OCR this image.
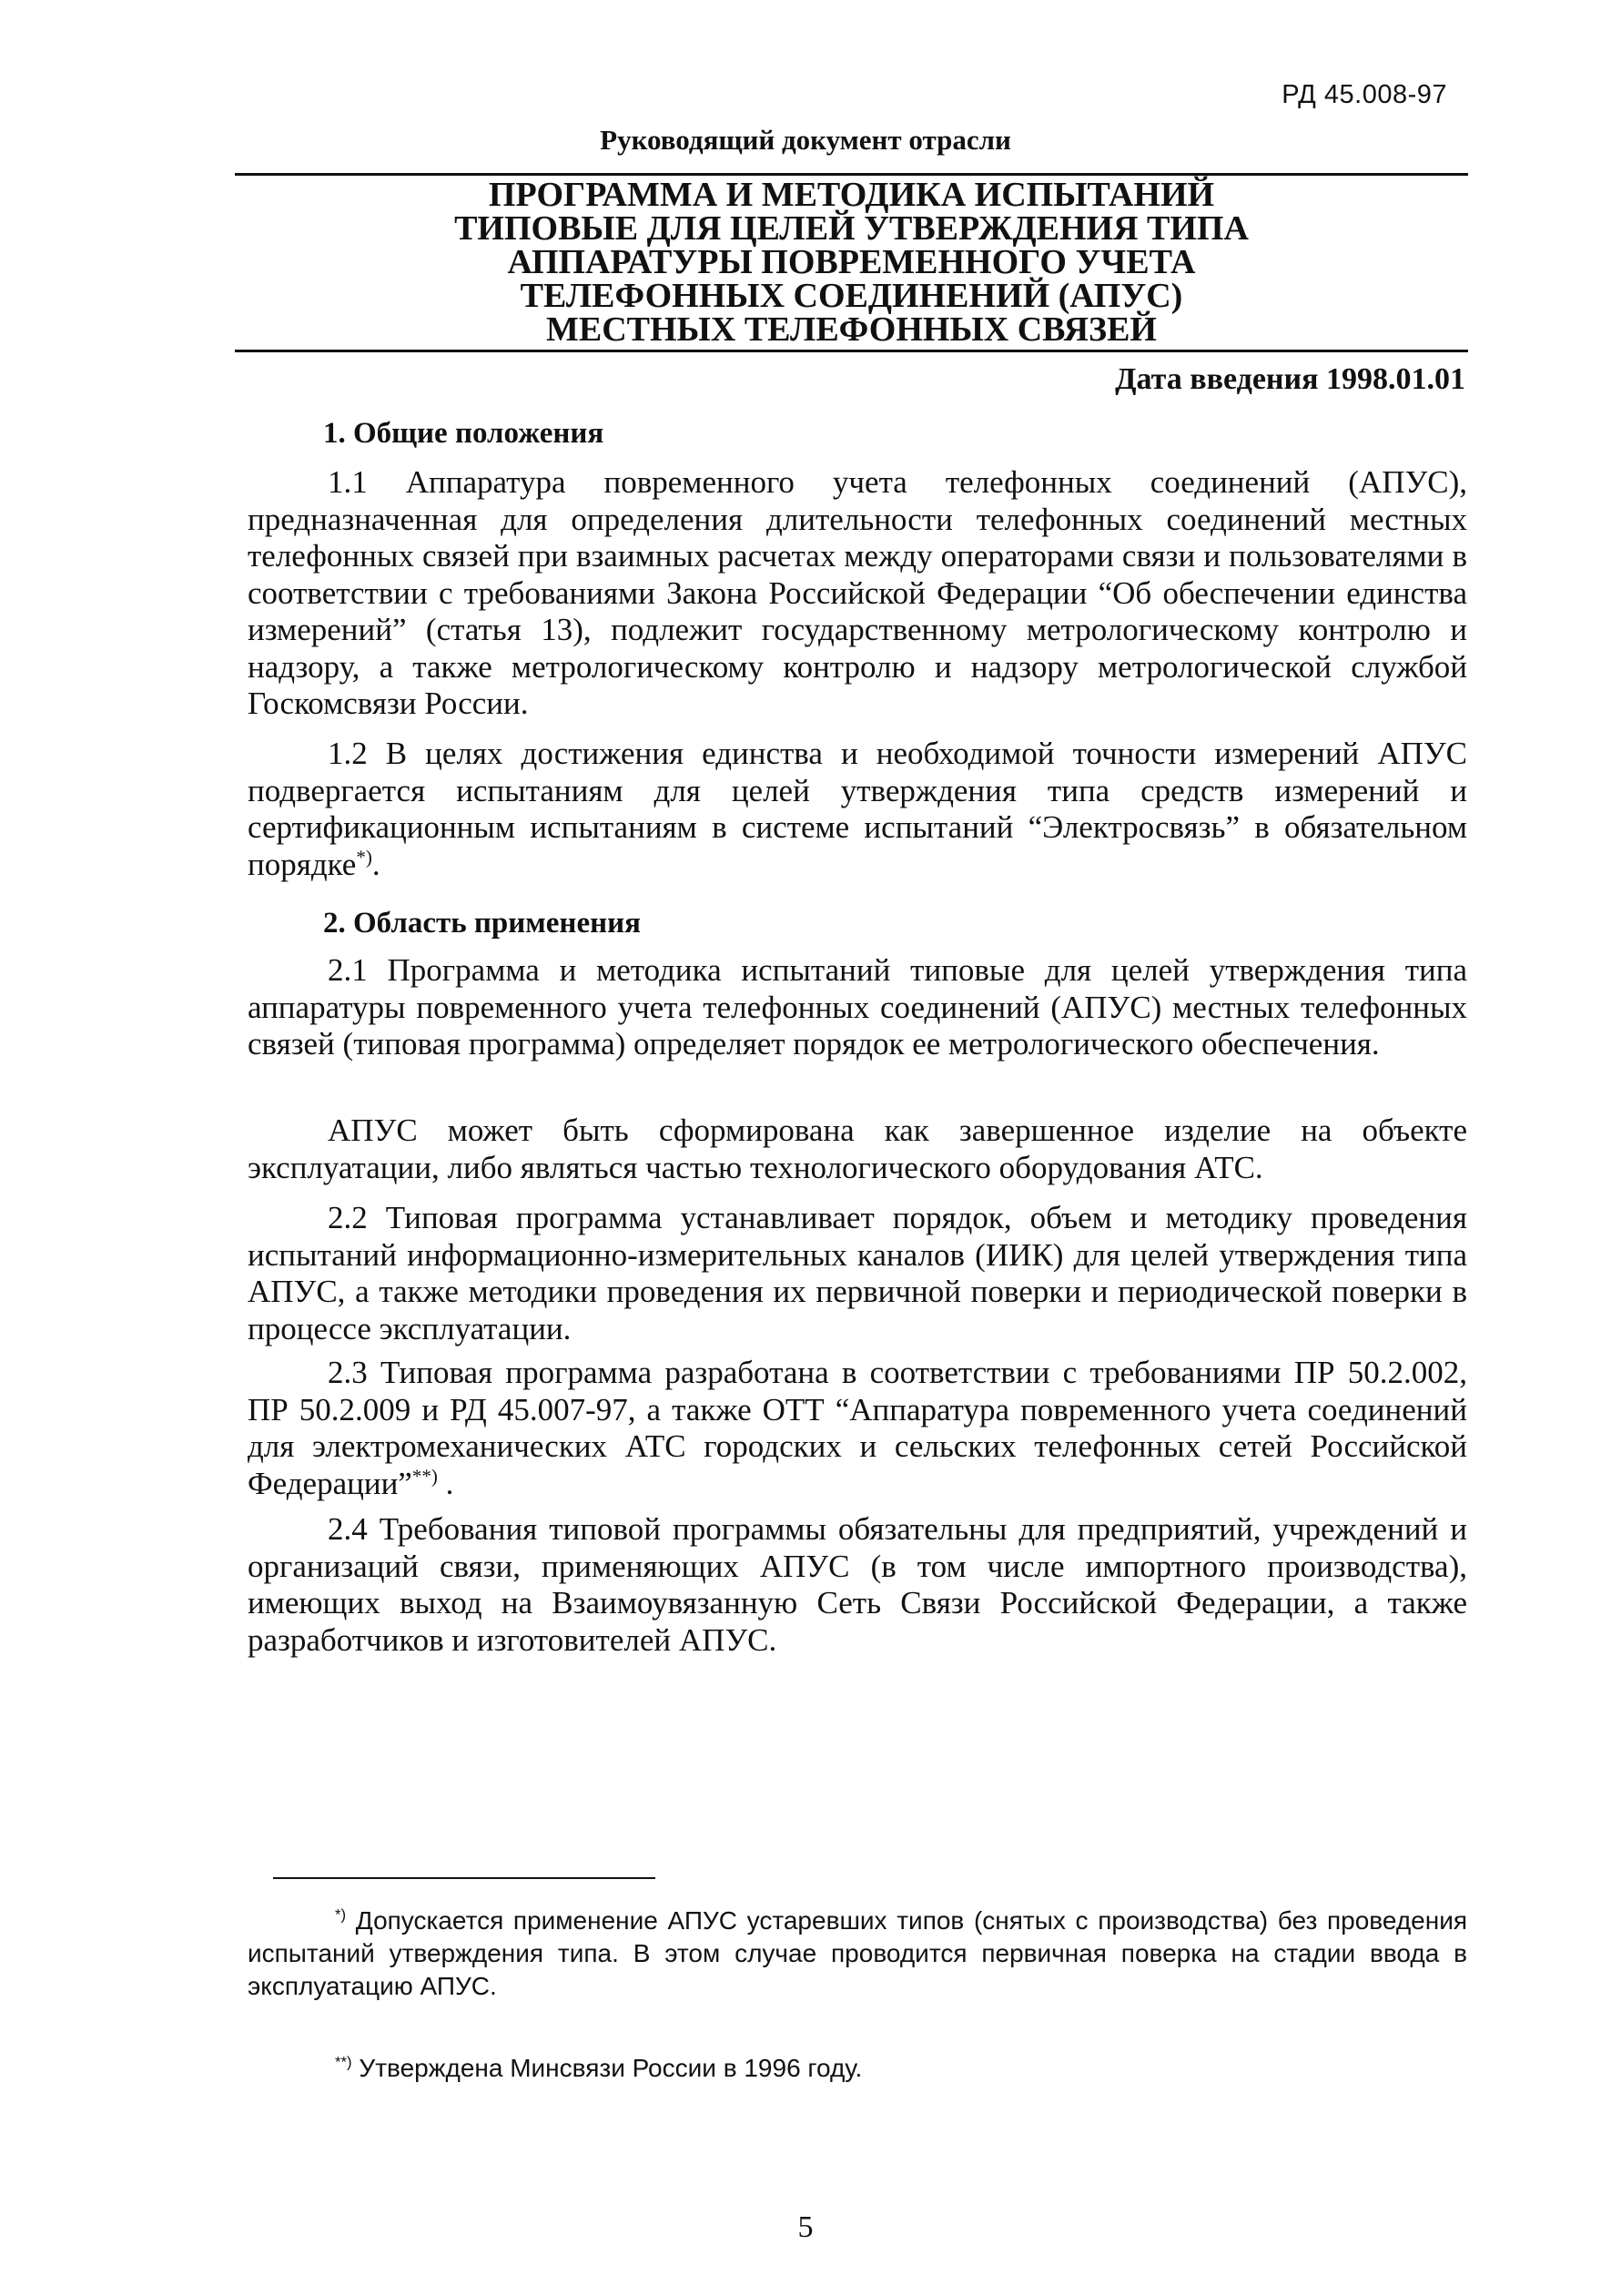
РД 45.008-97
Руководящий документ отрасли
ПРОГРАММА И МЕТОДИКА ИСПЫТАНИЙ
ТИПОВЫЕ ДЛЯ ЦЕЛЕЙ УТВЕРЖДЕНИЯ ТИПА
АППАРАТУРЫ ПОВРЕМЕННОГО УЧЕТА
ТЕЛЕФОННЫХ СОЕДИНЕНИЙ (АПУС)
МЕСТНЫХ ТЕЛЕФОННЫХ СВЯЗЕЙ
Дата введения 1998.01.01
1. Общие положения
1.1 Аппаратура повременного учета телефонных соединений (АПУС), предназначенная для определения длительности телефонных соединений местных телефонных связей при взаимных расчетах между операторами связи и пользователями в соответствии с требованиями Закона Российской Федерации “Об обеспечении единства измерений” (статья 13), подлежит государственному метрологическому контролю и надзору, а также метрологическому контролю и надзору метрологической службой Госкомсвязи России.
1.2 В целях достижения единства и необходимой точности измерений АПУС подвергается испытаниям для целей утверждения типа средств измерений и сертификационным испытаниям в системе испытаний “Электросвязь” в обязательном порядке*).
2. Область применения
2.1 Программа и методика испытаний типовые для целей утверждения типа аппаратуры повременного учета телефонных соединений (АПУС) местных телефонных связей (типовая программа) определяет порядок ее метрологического обеспечения.
АПУС может быть сформирована как завершенное изделие на объекте эксплуатации, либо являться частью технологического оборудования АТС.
2.2 Типовая программа устанавливает порядок, объем и методику проведения испытаний информационно-измерительных каналов (ИИК) для целей утверждения типа АПУС, а также методики проведения их первичной поверки и периодической поверки в процессе эксплуатации.
2.3 Типовая программа разработана в соответствии с требованиями ПР 50.2.002, ПР 50.2.009 и РД 45.007-97, а также ОТТ “Аппаратура повременного учета соединений для электромеханических АТС городских и сельских телефонных сетей Российской Федерации”**) .
2.4 Требования типовой программы обязательны для предприятий, учреждений и организаций связи, применяющих АПУС (в том числе импортного производства), имеющих выход на Взаимоувязанную Сеть Связи Российской Федерации, а также разработчиков и изготовителей АПУС.
*) Допускается применение АПУС устаревших типов (снятых с производства) без проведения испытаний утверждения типа. В этом случае проводится первичная поверка на стадии ввода в эксплуатацию АПУС.
**) Утверждена Минсвязи России в 1996 году.
5
